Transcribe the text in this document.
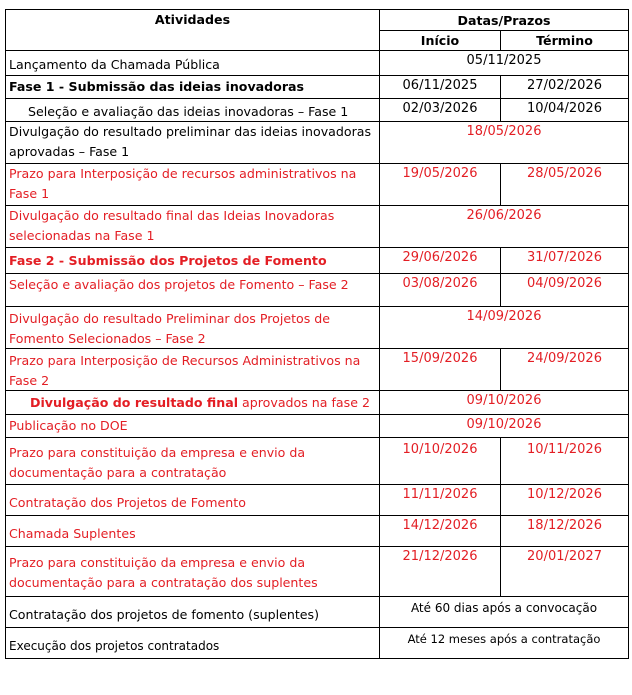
Atividades	Datas/Prazos	
	Início	Término
Lançamento da Chamada Pública	05/11/2025	
Fase 1 - Submissão das ideias inovadoras	06/11/2025	27/02/2026
Seleção e avaliação das ideias inovadoras – Fase 1	02/03/2026	10/04/2026
Divulgação do resultado preliminar das ideias inovadoras aprovadas – Fase 1	18/05/2026	
Prazo para Interposição de recursos administrativos na Fase 1	19/05/2026	28/05/2026
Divulgação do resultado final das Ideias Inovadoras selecionadas na Fase 1	26/06/2026	
Fase 2 - Submissão dos Projetos de Fomento	29/06/2026	31/07/2026
Seleção e avaliação dos projetos de Fomento – Fase 2	03/08/2026	04/09/2026
Divulgação do resultado Preliminar dos Projetos de Fomento Selecionados – Fase 2	14/09/2026	
Prazo para Interposição de Recursos Administrativos na Fase 2	15/09/2026	24/09/2026
Divulgação do resultado final aprovados na fase 2	09/10/2026	
Publicação no DOE	09/10/2026	
Prazo para constituição da empresa e envio da documentação para a contratação	10/10/2026	10/11/2026
Contratação dos Projetos de Fomento	11/11/2026	10/12/2026
Chamada Suplentes	14/12/2026	18/12/2026
Prazo para constituição da empresa e envio da documentação para a contratação dos suplentes	21/12/2026	20/01/2027
Contratação dos projetos de fomento (suplentes)	Até 60 dias após a convocação	
Execução dos projetos contratados	Até 12 meses após a contratação	
